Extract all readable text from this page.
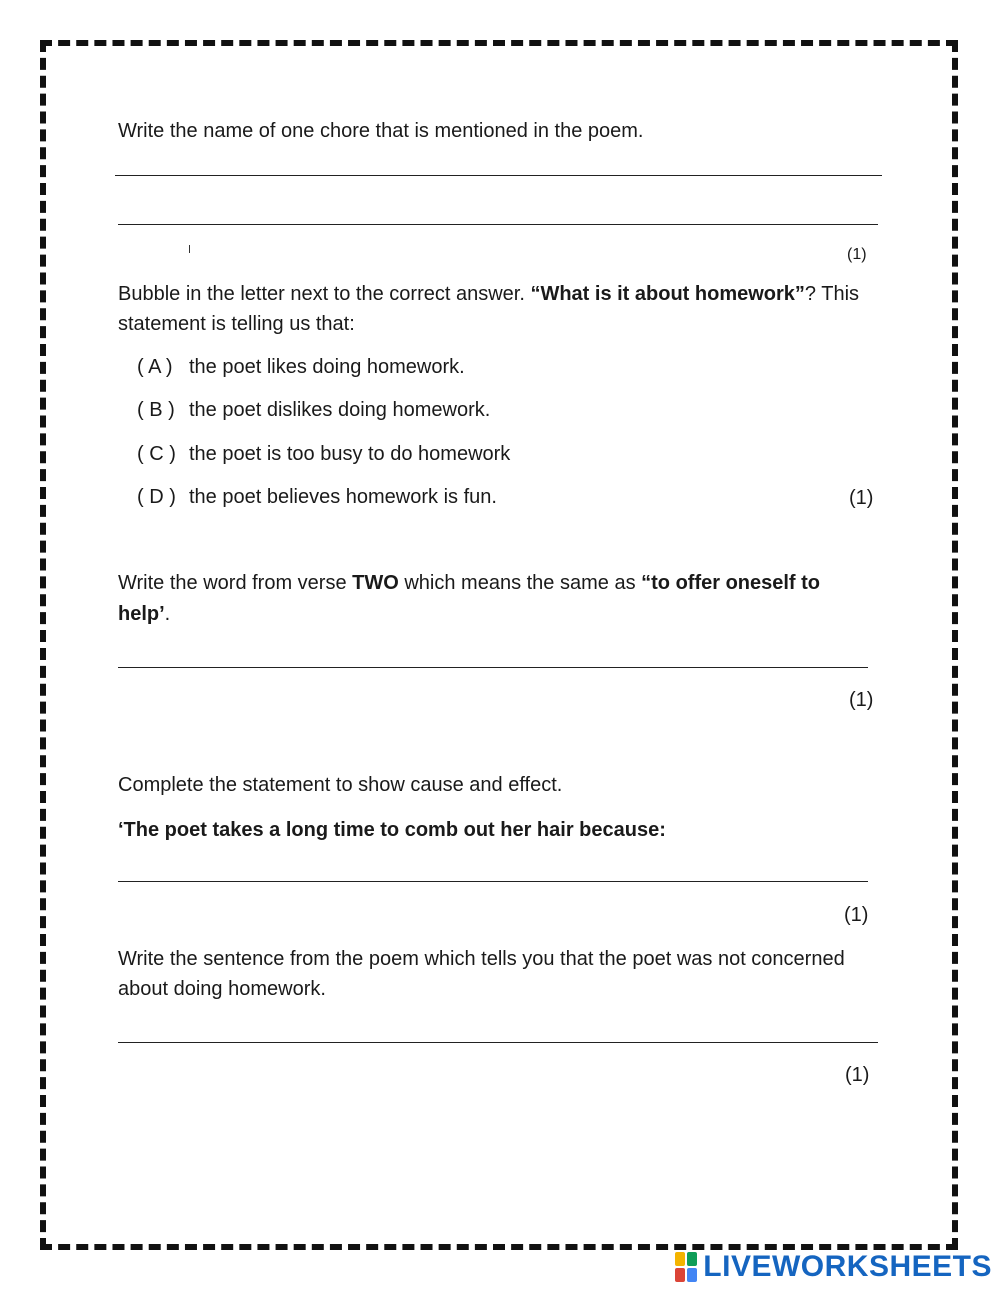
Write the name of one chore that is mentioned in the poem.
(1)
Bubble in the letter next to the correct answer. “What is it about homework”? This
statement is telling us that:
( A ) the poet likes doing homework.
( B ) the poet dislikes doing homework.
( C ) the poet is too busy to do homework
( D ) the poet believes homework is fun.	(1)
Write the word from verse TWO which means the same as “to offer oneself to
help’.
(1)
Complete the statement to show cause and effect.
‘The poet takes a long time to comb out her hair because:
(1)
Write the sentence from the poem which tells you that the poet was not concerned
about doing homework.
(1)
LIVEWORKSHEETS
